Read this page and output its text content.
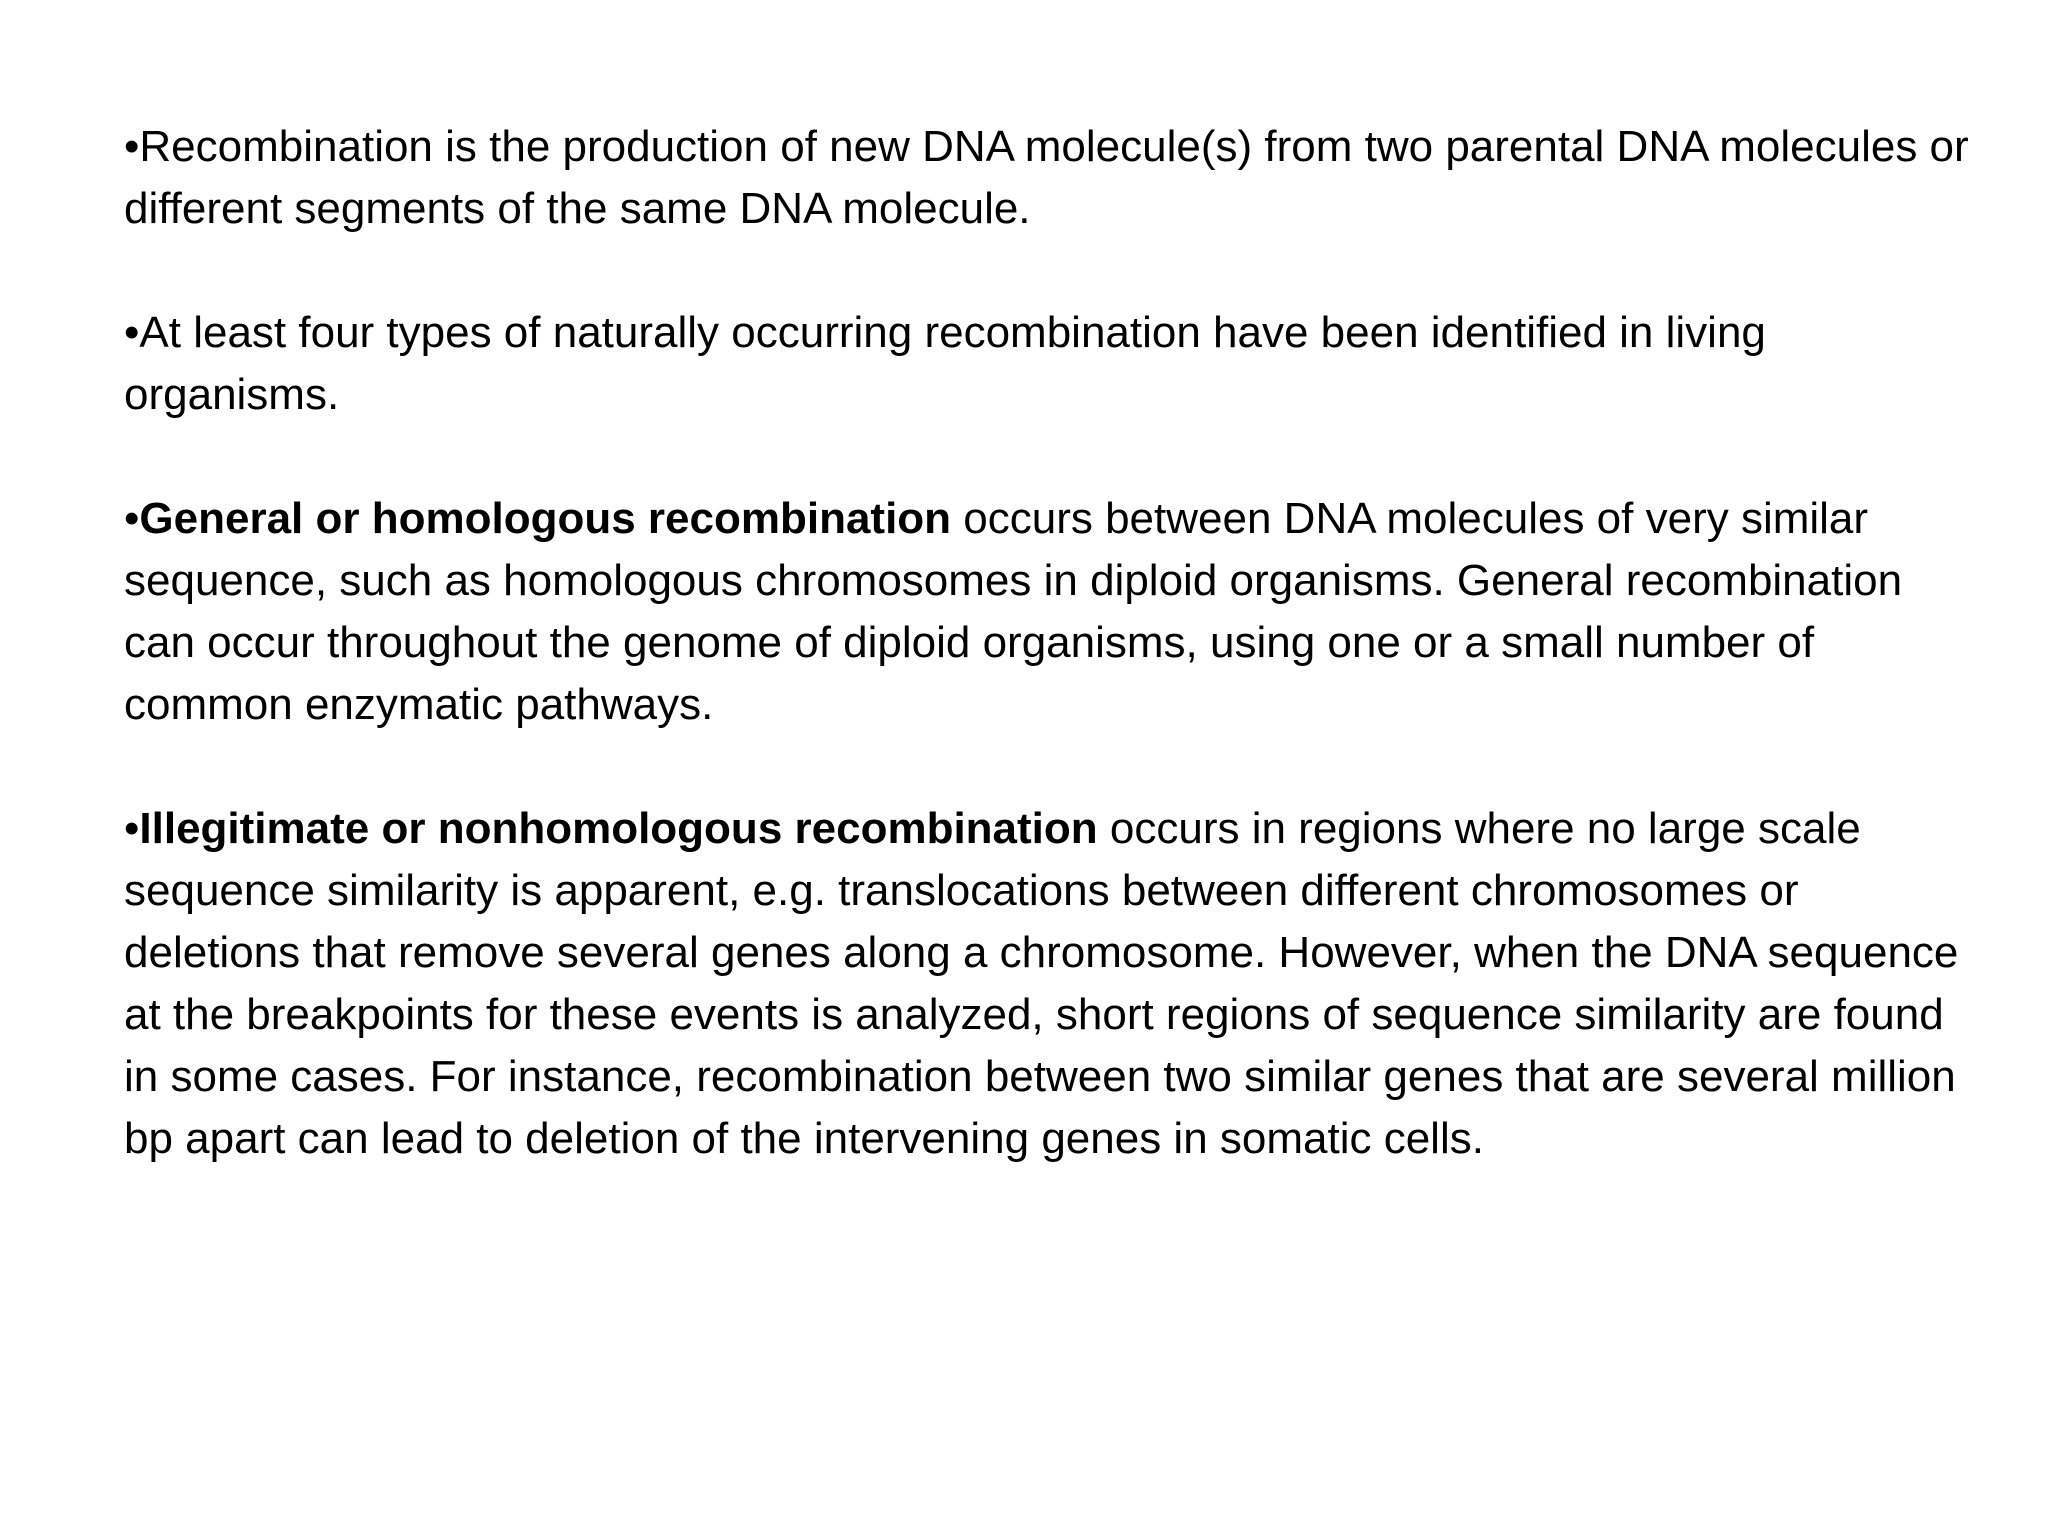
•Recombination is the production of new DNA molecule(s) from two parental DNA molecules or different segments of the same DNA molecule.

•At least four types of naturally occurring recombination have been identified in living organisms.

•General or homologous recombination occurs between DNA molecules of very similar sequence, such as homologous chromosomes in diploid organisms. General recombination can occur throughout the genome of diploid organisms, using one or a small number of common enzymatic pathways.

•Illegitimate or nonhomologous recombination occurs in regions where no large scale sequence similarity is apparent, e.g. translocations between different chromosomes or deletions that remove several genes along a chromosome. However, when the DNA sequence at the breakpoints for these events is analyzed, short regions of sequence similarity are found in some cases. For instance, recombination between two similar genes that are several million bp apart can lead to deletion of the intervening genes in somatic cells.
